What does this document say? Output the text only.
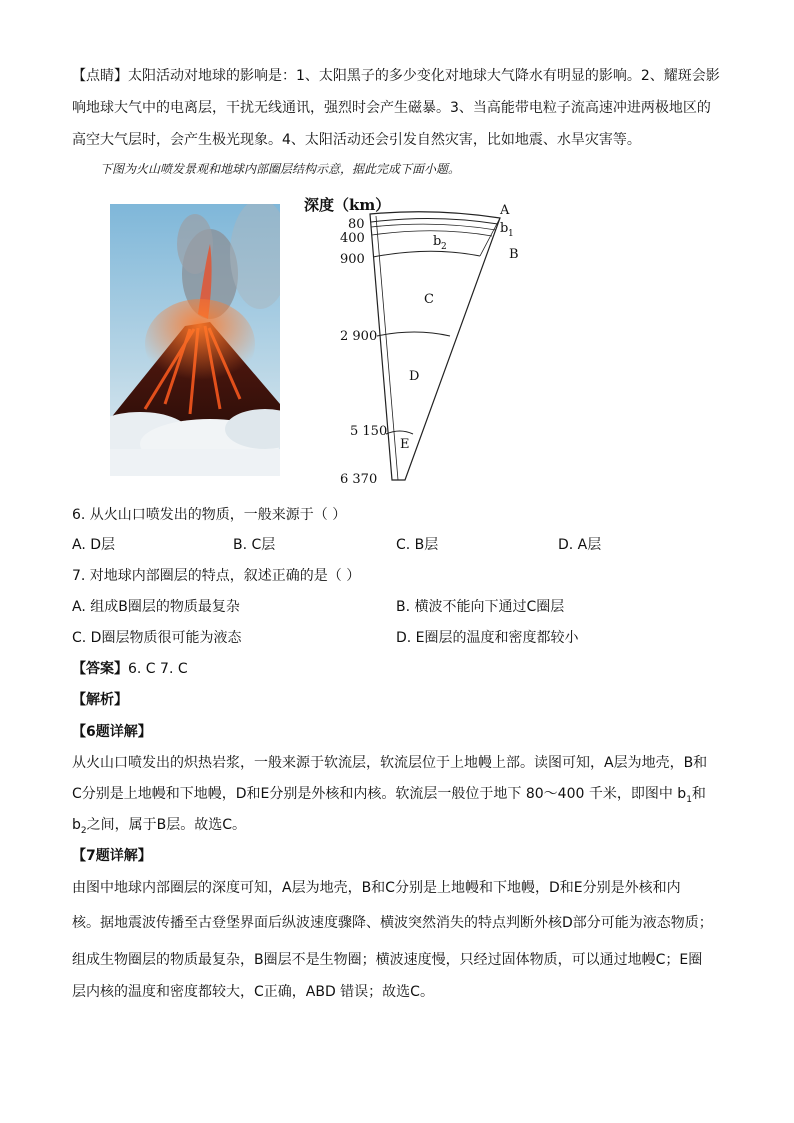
【点睛】太阳活动对地球的影响是：1、太阳黑子的多少变化对地球大气降水有明显的影响。2、耀斑会影
响地球大气中的电离层，干扰无线通讯，强烈时会产生磁暴。3、当高能带电粒子流高速冲进两极地区的
高空大气层时，会产生极光现象。4、太阳活动还会引发自然灾害，比如地震、水旱灾害等。
下图为火山喷发景观和地球内部圈层结构示意，据此完成下面小题。
深度（km）
80
400
900
2 900
5 150
6 370
A
b 1
b 2	B
C
D
E
6. 从火山口喷发出的物质，一般来源于（ ）
A. D层	B. C层	C. B层	D. A层
7. 对地球内部圈层的特点，叙述正确的是（ ）
A. 组成B圈层的物质最复杂	B. 横波不能向下通过C圈层
C. D圈层物质很可能为液态	D. E圈层的温度和密度都较小
【答案】6. C 7. C
【解析】
【6题详解】
从火山口喷发出的炽热岩浆，一般来源于软流层，软流层位于上地幔上部。读图可知，A层为地壳，B和
C分别是上地幔和下地幔，D和E分别是外核和内核。软流层一般位于地下 80～400 千米，即图中 $b_1$和
$b_2$之间，属于B层。故选C。
【7题详解】
由图中地球内部圈层的深度可知，A层为地壳，B和C分别是上地幔和下地幔，D和E分别是外核和内
核。据地震波传播至古登堡界面后纵波速度骤降、横波突然消失的特点判断外核D部分可能为液态物质；
组成生物圈层的物质最复杂，B圈层不是生物圈；横波速度慢，只经过固体物质，可以通过地幔C；E圈
层内核的温度和密度都较大，C正确，ABD 错误；故选C。
